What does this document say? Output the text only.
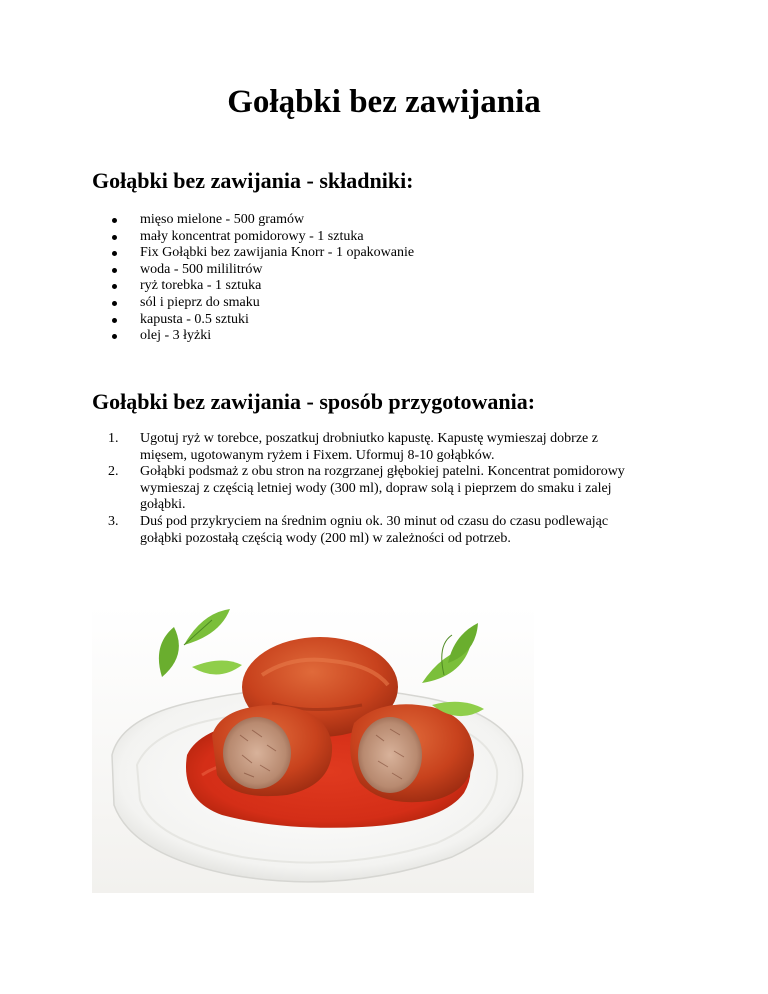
Gołąbki bez zawijania
Gołąbki bez zawijania - składniki:
mięso mielone - 500 gramów
mały koncentrat pomidorowy - 1 sztuka
Fix Gołąbki bez zawijania Knorr - 1 opakowanie
woda - 500 mililitrów
ryż torebka - 1 sztuka
sól i pieprz do smaku
kapusta - 0.5 sztuki
olej - 3 łyżki
Gołąbki bez zawijania - sposób przygotowania:
1. Ugotuj ryż w torebce, poszatkuj drobniutko kapustę. Kapustę wymieszaj dobrze z
mięsem, ugotowanym ryżem i Fixem. Uformuj 8-10 gołąbków.
2. Gołąbki podsmaż z obu stron na rozgrzanej głębokiej patelni. Koncentrat pomidorowy
wymieszaj z częścią letniej wody (300 ml), dopraw solą i pieprzem do smaku i zalej
gołąbki.
3. Duś pod przykryciem na średnim ogniu ok. 30 minut od czasu do czasu podlewając
gołąbki pozostałą częścią wody (200 ml) w zależności od potrzeb.
